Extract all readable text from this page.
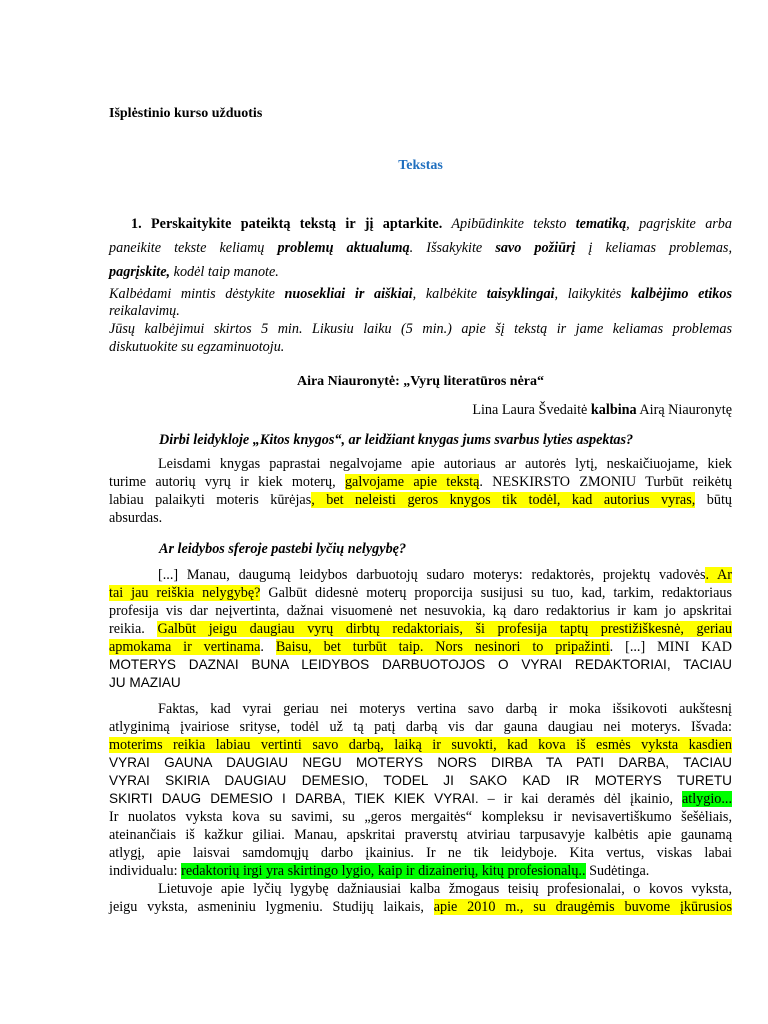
Išplėstinio kurso užduotis
Tekstas
1. Perskaitykite pateiktą tekstą ir jį aptarkite. Apibūdinkite teksto tematiką, pagrįskite arba
paneikite tekste keliamų problemų aktualumą. Išsakykite savo požiūrį į keliamas problemas,
pagrįskite, kodėl taip manote.
Kalbėdami mintis dėstykite nuosekliai ir aiškiai, kalbėkite taisyklingai, laikykitės kalbėjimo etikos
reikalavimų.
Jūsų kalbėjimui skirtos 5 min. Likusiu laiku (5 min.) apie šį tekstą ir jame keliamas problemas
diskutuokite su egzaminuotoju.
Aira Niauronytė: „Vyrų literatūros nėra“
Lina Laura Švedaitė kalbina Airą Niauronytę
Dirbi leidykloje „Kitos knygos“, ar leidžiant knygas jums svarbus lyties aspektas?
Leisdami knygas paprastai negalvojame apie autoriaus ar autorės lytį, neskaičiuojame, kiek
turime autorių vyrų ir kiek moterų, galvojame apie tekstą. NESKIRSTO ZMONIU Turbūt reikėtų
labiau palaikyti moteris kūrėjas, bet neleisti geros knygos tik todėl, kad autorius vyras, būtų
absurdas.
Ar leidybos sferoje pastebi lyčių nelygybę?
[...] Manau, daugumą leidybos darbuotojų sudaro moterys: redaktorės, projektų vadovės. Ar
tai jau reiškia nelygybę? Galbūt didesnė moterų proporcija susijusi su tuo, kad, tarkim, redaktoriaus
profesija vis dar neįvertinta, dažnai visuomenė net nesuvokia, ką daro redaktorius ir kam jo apskritai
reikia. Galbūt jeigu daugiau vyrų dirbtų redaktoriais, ši profesija taptų prestižiškesnė, geriau
apmokama ir vertinama. Baisu, bet turbūt taip. Nors nesinori to pripažinti. [...] MINI KAD
MOTERYS DAZNAI BUNA LEIDYBOS DARBUOTOJOS O VYRAI REDAKTORIAI, TACIAU
JU MAZIAU
Faktas, kad vyrai geriau nei moterys vertina savo darbą ir moka išsikovoti aukštesnį
atlyginimą įvairiose srityse, todėl už tą patį darbą vis dar gauna daugiau nei moterys. Išvada:
moterims reikia labiau vertinti savo darbą, laiką ir suvokti, kad kova iš esmės vyksta kasdien
VYRAI GAUNA DAUGIAU NEGU MOTERYS NORS DIRBA TA PATI DARBA, TACIAU
VYRAI SKIRIA DAUGIAU DEMESIO, TODEL JI SAKO KAD IR MOTERYS TURETU
SKIRTI DAUG DEMESIO I DARBA, TIEK KIEK VYRAI. – ir kai deramės dėl įkainio, atlygio...
Ir nuolatos vyksta kova su savimi, su „geros mergaitės“ kompleksu ir nevisavertiškumo šešėliais,
ateinančiais iš kažkur giliai. Manau, apskritai praverstų atviriau tarpusavyje kalbėtis apie gaunamą
atlygį, apie laisvai samdomųjų darbo įkainius. Ir ne tik leidyboje. Kita vertus, viskas labai
individualu: redaktorių irgi yra skirtingo lygio, kaip ir dizainerių, kitų profesionalų.. Sudėtinga.
Lietuvoje apie lyčių lygybę dažniausiai kalba žmogaus teisių profesionalai, o kovos vyksta,
jeigu vyksta, asmeniniu lygmeniu. Studijų laikais, apie 2010 m., su draugėmis buvome įkūrusios
